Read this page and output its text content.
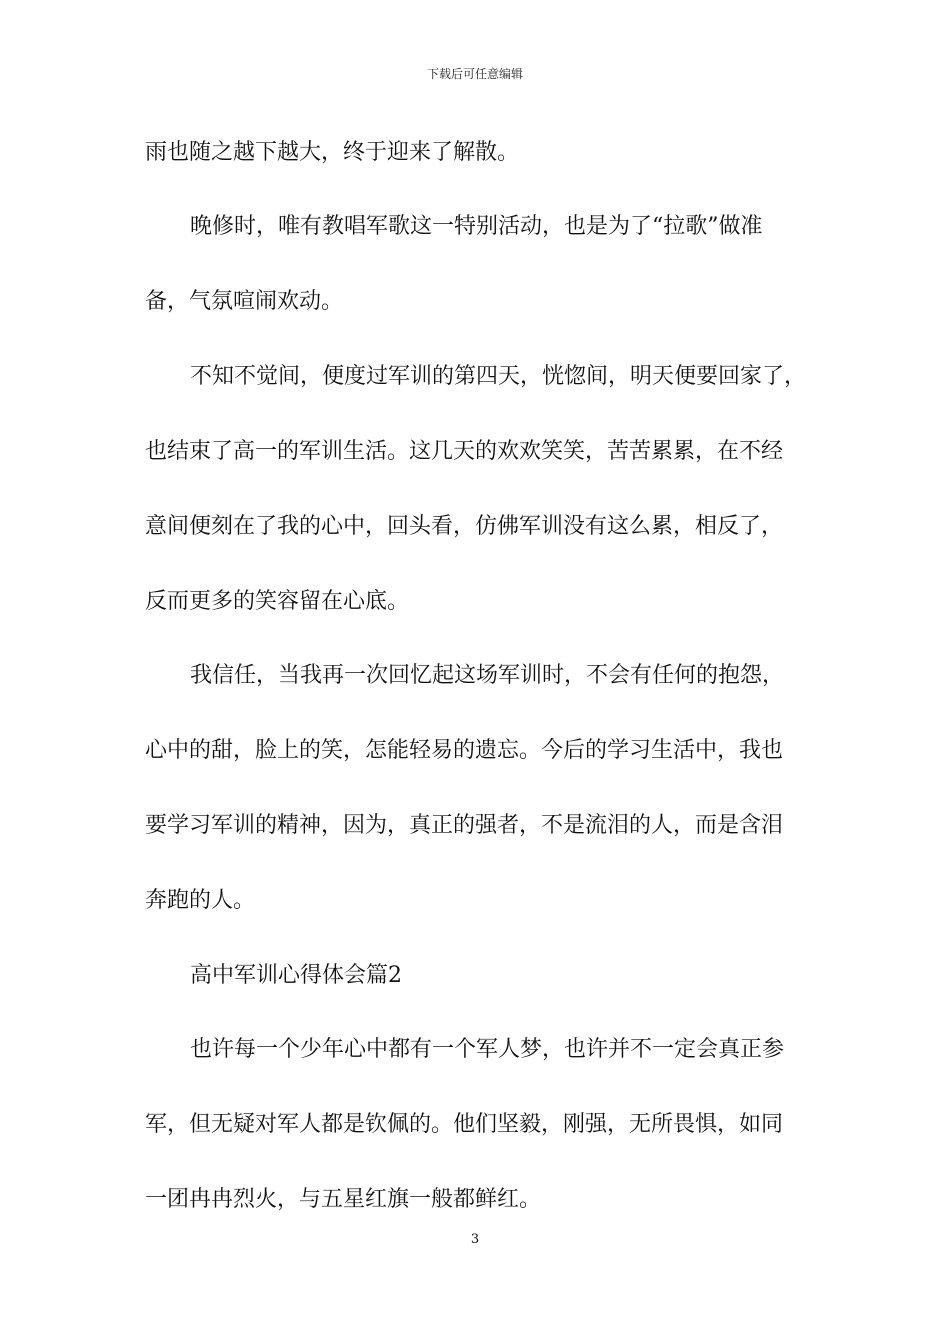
下载后可任意编辑
雨也随之越下越大，终于迎来了解散。
晚修时，唯有教唱军歌这一特别活动，也是为了“拉歌”做准
备，气氛喧闹欢动。
不知不觉间，便度过军训的第四天，恍惚间，明天便要回家了，
也结束了高一的军训生活。这几天的欢欢笑笑，苦苦累累，在不经
意间便刻在了我的心中，回头看，仿佛军训没有这么累，相反了，
反而更多的笑容留在心底。
我信任，当我再一次回忆起这场军训时，不会有任何的抱怨，
心中的甜，脸上的笑，怎能轻易的遗忘。今后的学习生活中，我也
要学习军训的精神，因为，真正的强者，不是流泪的人，而是含泪
奔跑的人。
高中军训心得体会篇2
也许每一个少年心中都有一个军人梦，也许并不一定会真正参
军，但无疑对军人都是钦佩的。他们坚毅，刚强，无所畏惧，如同
一团冉冉烈火，与五星红旗一般都鲜红。
3
